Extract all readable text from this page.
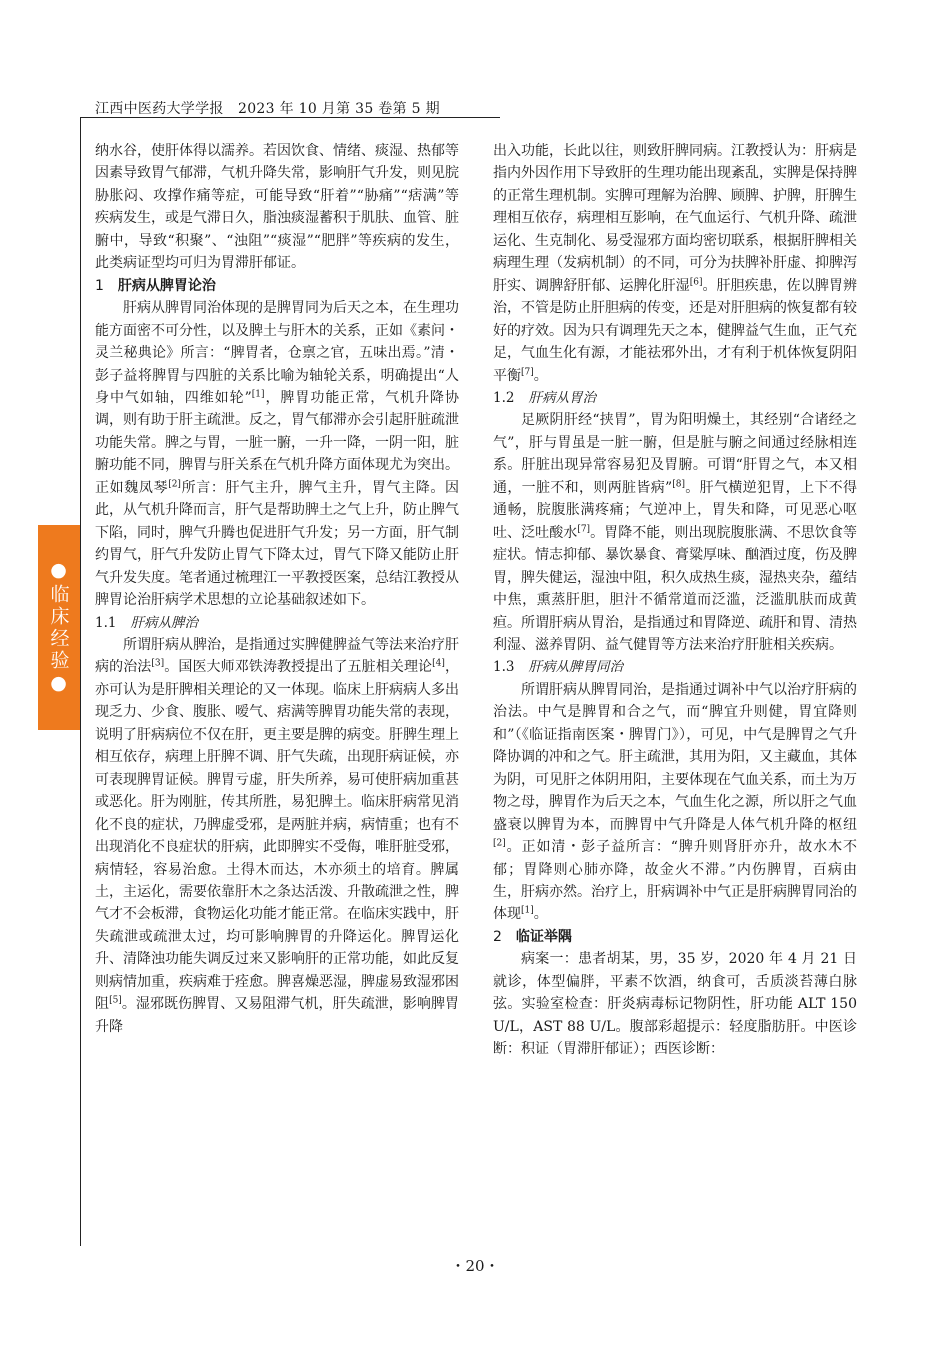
江西中医药大学学报　2023 年 10 月第 35 卷第 5 期
●临床经验●

纳水谷，使肝体得以濡养。若因饮食、情绪、痰湿、热郁等因素导致胃气郁滞，气机升降失常，影响肝气升发，则见脘胁胀闷、攻撑作痛等症，可能导致“肝着”“胁痛”“痞满”等疾病发生，或是气滞日久，脂浊痰湿蓄积于肌肤、血管、脏腑中，导致“积聚”、“浊阻”“痰湿”“肥胖”等疾病的发生，此类病证型均可归为胃滞肝郁证。

1 肝病从脾胃论治

肝病从脾胃同治体现的是脾胃同为后天之本，在生理功能方面密不可分性，以及脾土与肝木的关系，正如《素问・灵兰秘典论》所言：“脾胃者，仓禀之官，五味出焉。”清・彭子益将脾胃与四脏的关系比喻为轴轮关系，明确提出“人身中气如轴，四维如轮”[1]，脾胃功能正常，气机升降协调，则有助于肝主疏泄。反之，胃气郁滞亦会引起肝脏疏泄功能失常。脾之与胃，一脏一腑，一升一降，一阴一阳，脏腑功能不同，脾胃与肝关系在气机升降方面体现尤为突出。正如魏凤琴[2]所言：肝气主升，脾气主升，胃气主降。因此，从气机升降而言，肝气是帮助脾土之气上升，防止脾气下陷，同时，脾气升腾也促进肝气升发；另一方面，肝气制约胃气，肝气升发防止胃气下降太过，胃气下降又能防止肝气升发失度。笔者通过梳理江一平教授医案，总结江教授从脾胃论治肝病学术思想的立论基础叙述如下。

1.1 肝病从脾治

所谓肝病从脾治，是指通过实脾健脾益气等法来治疗肝病的治法[3]。国医大师邓铁涛教授提出了五脏相关理论[4]，亦可认为是肝脾相关理论的又一体现。临床上肝病病人多出现乏力、少食、腹胀、嗳气、痞满等脾胃功能失常的表现，说明了肝病病位不仅在肝，更主要是脾的病变。肝脾生理上相互依存，病理上肝脾不调、肝气失疏，出现肝病证候，亦可表现脾胃证候。脾胃亏虚，肝失所养，易可使肝病加重甚或恶化。肝为刚脏，传其所胜，易犯脾土。临床肝病常见消化不良的症状，乃脾虚受邪，是两脏并病，病情重；也有不出现消化不良症状的肝病，此即脾实不受侮，唯肝脏受邪，病情轻，容易治愈。土得木而达，木亦须土的培育。脾属土，主运化，需要依靠肝木之条达活泼、升散疏泄之性，脾气才不会板滞，食物运化功能才能正常。在临床实践中，肝失疏泄或疏泄太过，均可影响脾胃的升降运化。脾胃运化升、清降浊功能失调反过来又影响肝的正常功能，如此反复则病情加重，疾病难于痊愈。脾喜燥恶湿，脾虚易致湿邪困阻[5]。湿邪既伤脾胃、又易阻滞气机，肝失疏泄，影响脾胃升降

出入功能，长此以往，则致肝脾同病。江教授认为：肝病是指内外因作用下导致肝的生理功能出现紊乱，实脾是保持脾的正常生理机制。实脾可理解为治脾、顾脾、护脾，肝脾生理相互依存，病理相互影响，在气血运行、气机升降、疏泄运化、生克制化、易受湿邪方面均密切联系，根据肝脾相关病理生理（发病机制）的不同，可分为扶脾补肝虚、抑脾泻肝实、调脾舒肝郁、运脾化肝湿[6]。肝胆疾患，佐以脾胃辨治，不管是防止肝胆病的传变，还是对肝胆病的恢复都有较好的疗效。因为只有调理先天之本，健脾益气生血，正气充足，气血生化有源，才能祛邪外出，才有利于机体恢复阴阳平衡[7]。

1.2 肝病从胃治

足厥阴肝经“挟胃”，胃为阳明燥土，其经别“合诸经之气”，肝与胃虽是一脏一腑，但是脏与腑之间通过经脉相连系。肝脏出现异常容易犯及胃腑。可谓“肝胃之气，本又相通，一脏不和，则两脏皆病”[8]。肝气横逆犯胃，上下不得通畅，脘腹胀满疼痛；气逆冲上，胃失和降，可见恶心呕吐、泛吐酸水[7]。胃降不能，则出现脘腹胀满、不思饮食等症状。情志抑郁、暴饮暴食、膏粱厚味、酗酒过度，伤及脾胃，脾失健运，湿浊中阻，积久成热生痰，湿热夹杂，蕴结中焦，熏蒸肝胆，胆汁不循常道而泛滥，泛滥肌肤而成黄疸。所谓肝病从胃治，是指通过和胃降逆、疏肝和胃、清热利湿、滋养胃阴、益气健胃等方法来治疗肝脏相关疾病。

1.3 肝病从脾胃同治

所谓肝病从脾胃同治，是指通过调补中气以治疗肝病的治法。中气是脾胃和合之气，而“脾宜升则健，胃宜降则和”（《临证指南医案・脾胃门》），可见，中气是脾胃之气升降协调的冲和之气。肝主疏泄，其用为阳，又主藏血，其体为阴，可见肝之体阴用阳，主要体现在气血关系，而土为万物之母，脾胃作为后天之本，气血生化之源，所以肝之气血盛衰以脾胃为本，而脾胃中气升降是人体气机升降的枢纽[2]。正如清・彭子益所言：“脾升则肾肝亦升，故水木不郁；胃降则心肺亦降，故金火不滞。”内伤脾胃，百病由生，肝病亦然。治疗上，肝病调补中气正是肝病脾胃同治的体现[1]。

2 临证举隅

病案一：患者胡某，男，35 岁，2020 年 4 月 21 日就诊，体型偏胖，平素不饮酒，纳食可，舌质淡苔薄白脉弦。实验室检查：肝炎病毒标记物阴性，肝功能 ALT 150 U/L，AST 88 U/L。腹部彩超提示：轻度脂肪肝。中医诊断：积证（胃滞肝郁证）；西医诊断：

・20・
